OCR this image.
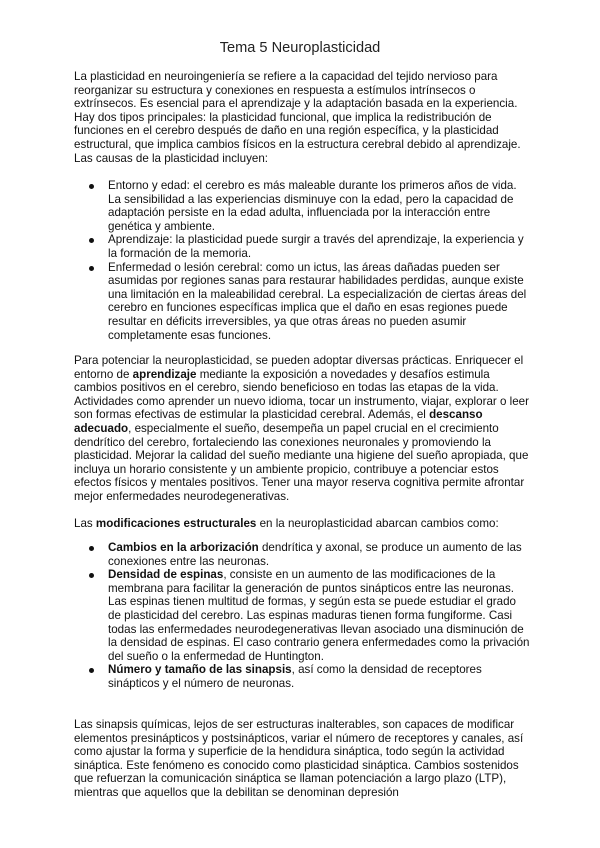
Tema 5 Neuroplasticidad

La plasticidad en neuroingeniería se refiere a la capacidad del tejido nervioso para reorganizar su estructura y conexiones en respuesta a estímulos intrínsecos o extrínsecos. Es esencial para el aprendizaje y la adaptación basada en la experiencia. Hay dos tipos principales: la plasticidad funcional, que implica la redistribución de funciones en el cerebro después de daño en una región específica, y la plasticidad estructural, que implica cambios físicos en la estructura cerebral debido al aprendizaje. Las causas de la plasticidad incluyen:

Entorno y edad: el cerebro es más maleable durante los primeros años de vida. La sensibilidad a las experiencias disminuye con la edad, pero la capacidad de adaptación persiste en la edad adulta, influenciada por la interacción entre genética y ambiente.
Aprendizaje: la plasticidad puede surgir a través del aprendizaje, la experiencia y la formación de la memoria.
Enfermedad o lesión cerebral: como un ictus, las áreas dañadas pueden ser asumidas por regiones sanas para restaurar habilidades perdidas, aunque existe una limitación en la maleabilidad cerebral. La especialización de ciertas áreas del cerebro en funciones específicas implica que el daño en esas regiones puede resultar en déficits irreversibles, ya que otras áreas no pueden asumir completamente esas funciones.

Para potenciar la neuroplasticidad, se pueden adoptar diversas prácticas. Enriquecer el entorno de aprendizaje mediante la exposición a novedades y desafíos estimula cambios positivos en el cerebro, siendo beneficioso en todas las etapas de la vida. Actividades como aprender un nuevo idioma, tocar un instrumento, viajar, explorar o leer son formas efectivas de estimular la plasticidad cerebral. Además, el descanso adecuado, especialmente el sueño, desempeña un papel crucial en el crecimiento dendrítico del cerebro, fortaleciendo las conexiones neuronales y promoviendo la plasticidad. Mejorar la calidad del sueño mediante una higiene del sueño apropiada, que incluya un horario consistente y un ambiente propicio, contribuye a potenciar estos efectos físicos y mentales positivos. Tener una mayor reserva cognitiva permite afrontar mejor enfermedades neurodegenerativas.

Las modificaciones estructurales en la neuroplasticidad abarcan cambios como:

Cambios en la arborización dendrítica y axonal, se produce un aumento de las conexiones entre las neuronas.
Densidad de espinas, consiste en un aumento de las modificaciones de la membrana para facilitar la generación de puntos sinápticos entre las neuronas. Las espinas tienen multitud de formas, y según esta se puede estudiar el grado de plasticidad del cerebro. Las espinas maduras tienen forma fungiforme. Casi todas las enfermedades neurodegenerativas llevan asociado una disminución de la densidad de espinas. El caso contrario genera enfermedades como la privación del sueño o la enfermedad de Huntington.
Número y tamaño de las sinapsis, así como la densidad de receptores sinápticos y el número de neuronas.

Las sinapsis químicas, lejos de ser estructuras inalterables, son capaces de modificar elementos presinápticos y postsinápticos, variar el número de receptores y canales, así como ajustar la forma y superficie de la hendidura sináptica, todo según la actividad sináptica. Este fenómeno es conocido como plasticidad sináptica. Cambios sostenidos que refuerzan la comunicación sináptica se llaman potenciación a largo plazo (LTP), mientras que aquellos que la debilitan se denominan depresión
